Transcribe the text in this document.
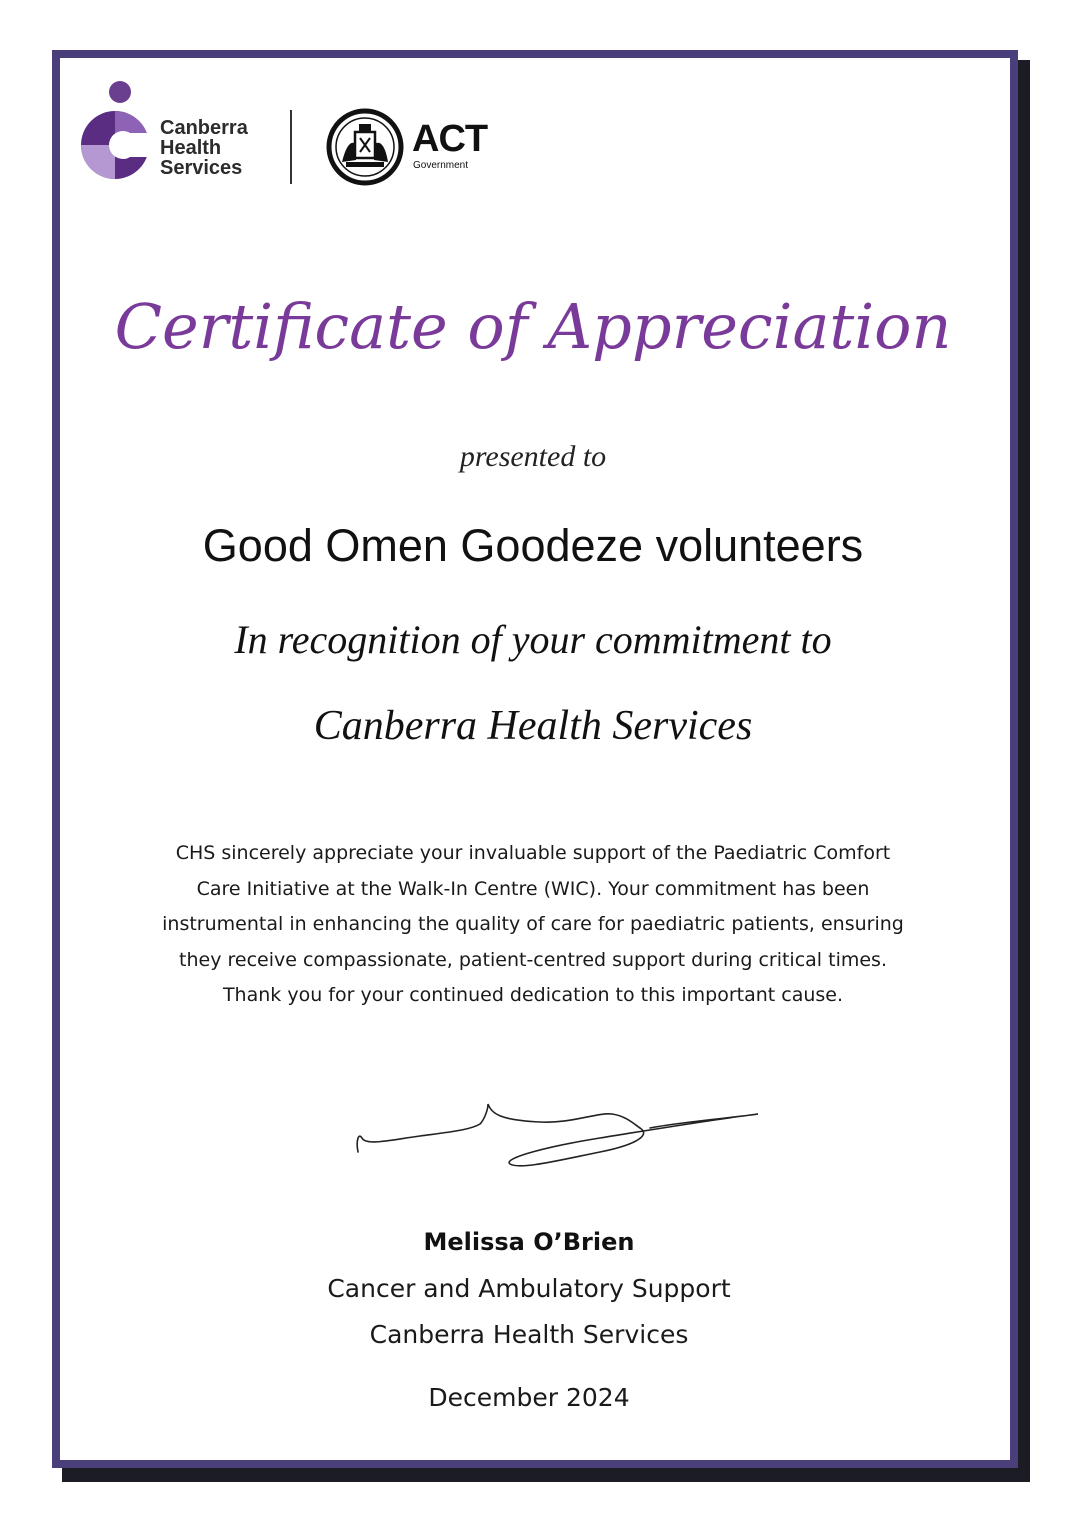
Canberra
Health
Services
ACT
Government
Certificate of Appreciation
presented to
Good Omen Goodeze volunteers
In recognition of your commitment to
Canberra Health Services
CHS sincerely appreciate your invaluable support of the Paediatric Comfort
Care Initiative at the Walk-In Centre (WIC). Your commitment has been
instrumental in enhancing the quality of care for paediatric patients, ensuring
they receive compassionate, patient-centred support during critical times.
Thank you for your continued dedication to this important cause.
Melissa O’Brien
Cancer and Ambulatory Support
Canberra Health Services
December 2024
